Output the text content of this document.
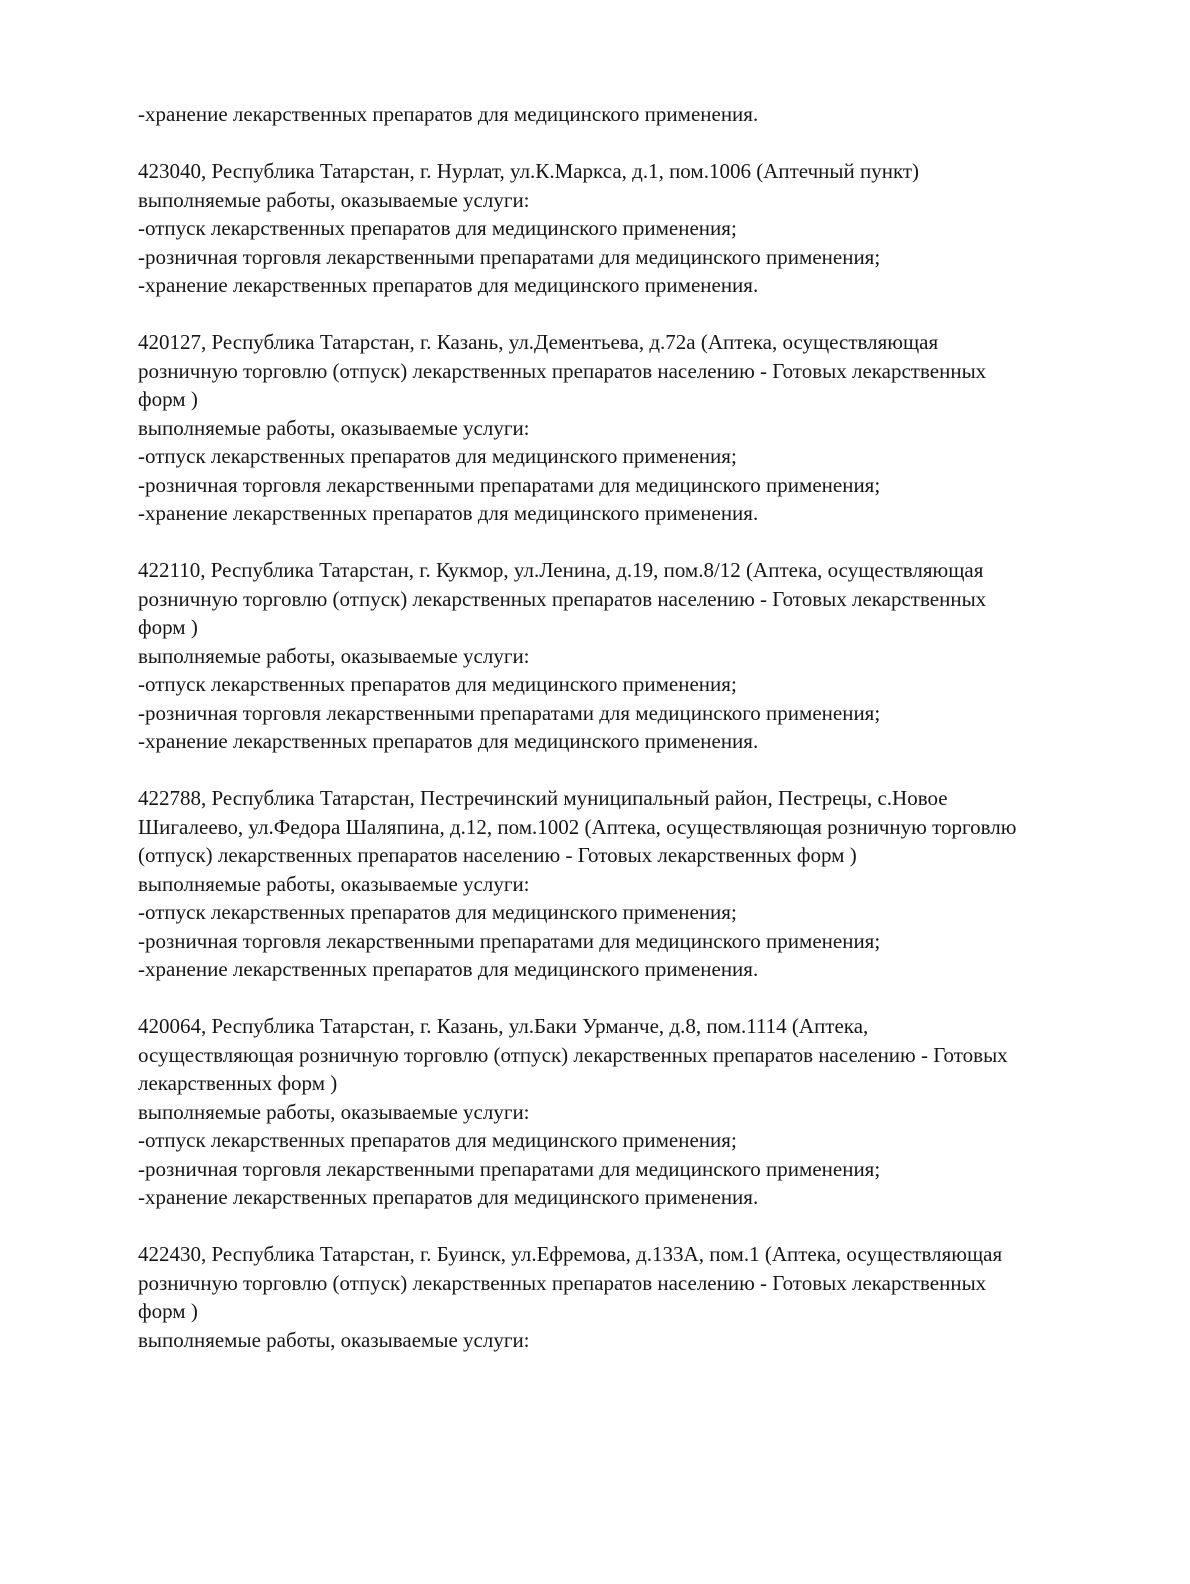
-хранение лекарственных препаратов для медицинского применения.
423040, Республика Татарстан, г. Нурлат, ул.К.Маркса, д.1, пом.1006 (Аптечный пункт)
выполняемые работы, оказываемые услуги:
-отпуск лекарственных препаратов для медицинского применения;
-розничная торговля лекарственными препаратами для медицинского применения;
-хранение лекарственных препаратов для медицинского применения.
420127, Республика Татарстан, г. Казань, ул.Дементьева, д.72а (Аптека, осуществляющая
розничную торговлю (отпуск) лекарственных препаратов населению - Готовых лекарственных
форм )
выполняемые работы, оказываемые услуги:
-отпуск лекарственных препаратов для медицинского применения;
-розничная торговля лекарственными препаратами для медицинского применения;
-хранение лекарственных препаратов для медицинского применения.
422110, Республика Татарстан, г. Кукмор, ул.Ленина, д.19, пом.8/12 (Аптека, осуществляющая
розничную торговлю (отпуск) лекарственных препаратов населению - Готовых лекарственных
форм )
выполняемые работы, оказываемые услуги:
-отпуск лекарственных препаратов для медицинского применения;
-розничная торговля лекарственными препаратами для медицинского применения;
-хранение лекарственных препаратов для медицинского применения.
422788, Республика Татарстан, Пестречинский муниципальный район, Пестрецы, с.Новое
Шигалеево, ул.Федора Шаляпина, д.12, пом.1002 (Аптека, осуществляющая розничную торговлю
(отпуск) лекарственных препаратов населению - Готовых лекарственных форм )
выполняемые работы, оказываемые услуги:
-отпуск лекарственных препаратов для медицинского применения;
-розничная торговля лекарственными препаратами для медицинского применения;
-хранение лекарственных препаратов для медицинского применения.
420064, Республика Татарстан, г. Казань, ул.Баки Урманче, д.8, пом.1114 (Аптека,
осуществляющая розничную торговлю (отпуск) лекарственных препаратов населению - Готовых
лекарственных форм )
выполняемые работы, оказываемые услуги:
-отпуск лекарственных препаратов для медицинского применения;
-розничная торговля лекарственными препаратами для медицинского применения;
-хранение лекарственных препаратов для медицинского применения.
422430, Республика Татарстан, г. Буинск, ул.Ефремова, д.133А, пом.1 (Аптека, осуществляющая
розничную торговлю (отпуск) лекарственных препаратов населению - Готовых лекарственных
форм )
выполняемые работы, оказываемые услуги:
